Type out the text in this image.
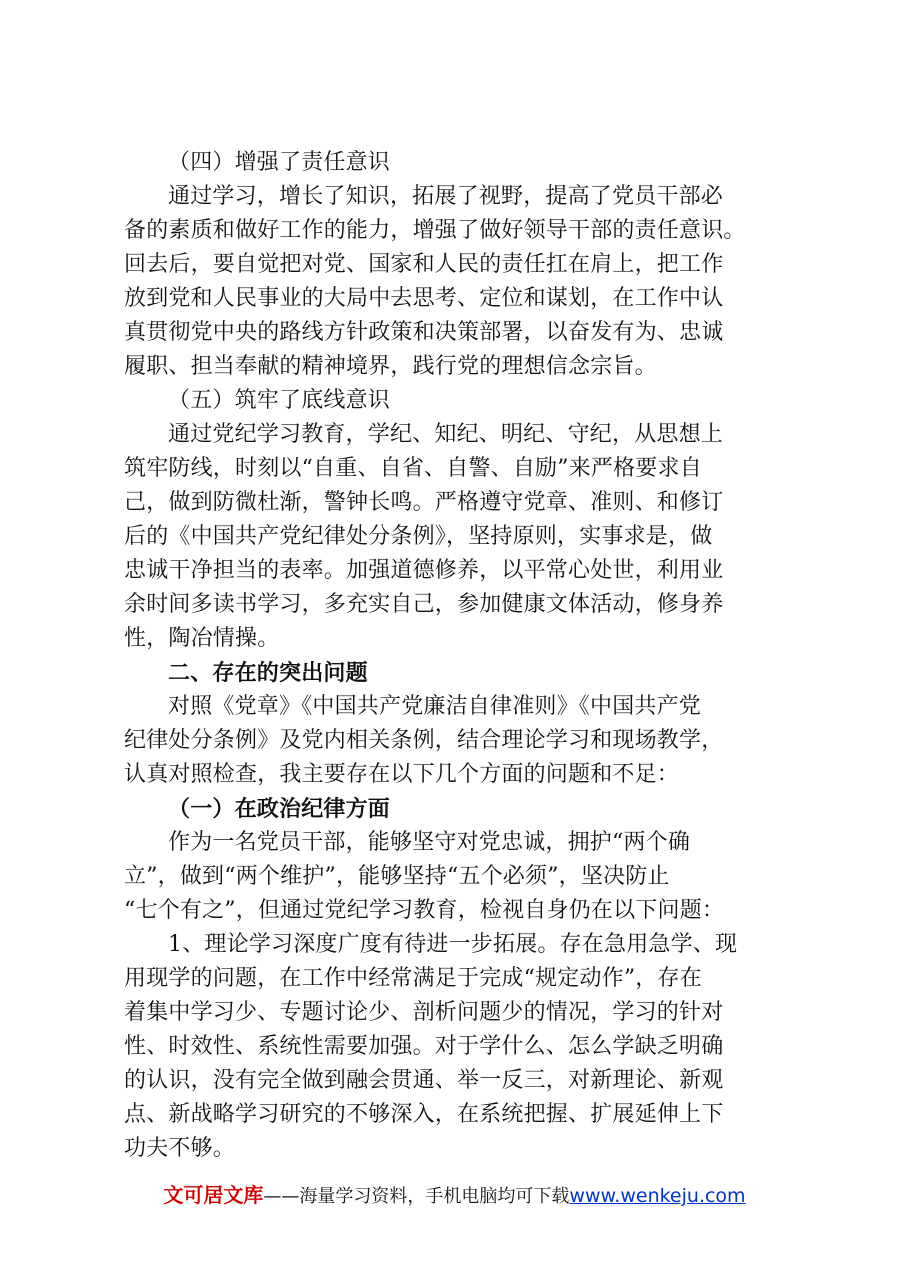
（四）增强了责任意识
通过学习，增长了知识，拓展了视野，提高了党员干部必
备的素质和做好工作的能力，增强了做好领导干部的责任意识。
回去后，要自觉把对党、国家和人民的责任扛在肩上，把工作
放到党和人民事业的大局中去思考、定位和谋划，在工作中认
真贯彻党中央的路线方针政策和决策部署，以奋发有为、忠诚
履职、担当奉献的精神境界，践行党的理想信念宗旨。
（五）筑牢了底线意识
通过党纪学习教育，学纪、知纪、明纪、守纪，从思想上
筑牢防线，时刻以“自重、自省、自警、自励”来严格要求自
己，做到防微杜渐，警钟长鸣。严格遵守党章、准则、和修订
后的《中国共产党纪律处分条例》，坚持原则，实事求是，做
忠诚干净担当的表率。加强道德修养，以平常心处世，利用业
余时间多读书学习，多充实自己，参加健康文体活动，修身养
性，陶冶情操。
二、存在的突出问题
对照《党章》《中国共产党廉洁自律准则》《中国共产党
纪律处分条例》及党内相关条例，结合理论学习和现场教学，
认真对照检查，我主要存在以下几个方面的问题和不足：
（一）在政治纪律方面
作为一名党员干部，能够坚守对党忠诚，拥护“两个确
立”，做到“两个维护”，能够坚持“五个必须”，坚决防止
“七个有之”，但通过党纪学习教育，检视自身仍在以下问题：
1、理论学习深度广度有待进一步拓展。存在急用急学、现
用现学的问题，在工作中经常满足于完成“规定动作”，存在
着集中学习少、专题讨论少、剖析问题少的情况，学习的针对
性、时效性、系统性需要加强。对于学什么、怎么学缺乏明确
的认识，没有完全做到融会贯通、举一反三，对新理论、新观
点、新战略学习研究的不够深入，在系统把握、扩展延伸上下
功夫不够。
文可居文库——海量学习资料，手机电脑均可下载www.wenkeju.com
